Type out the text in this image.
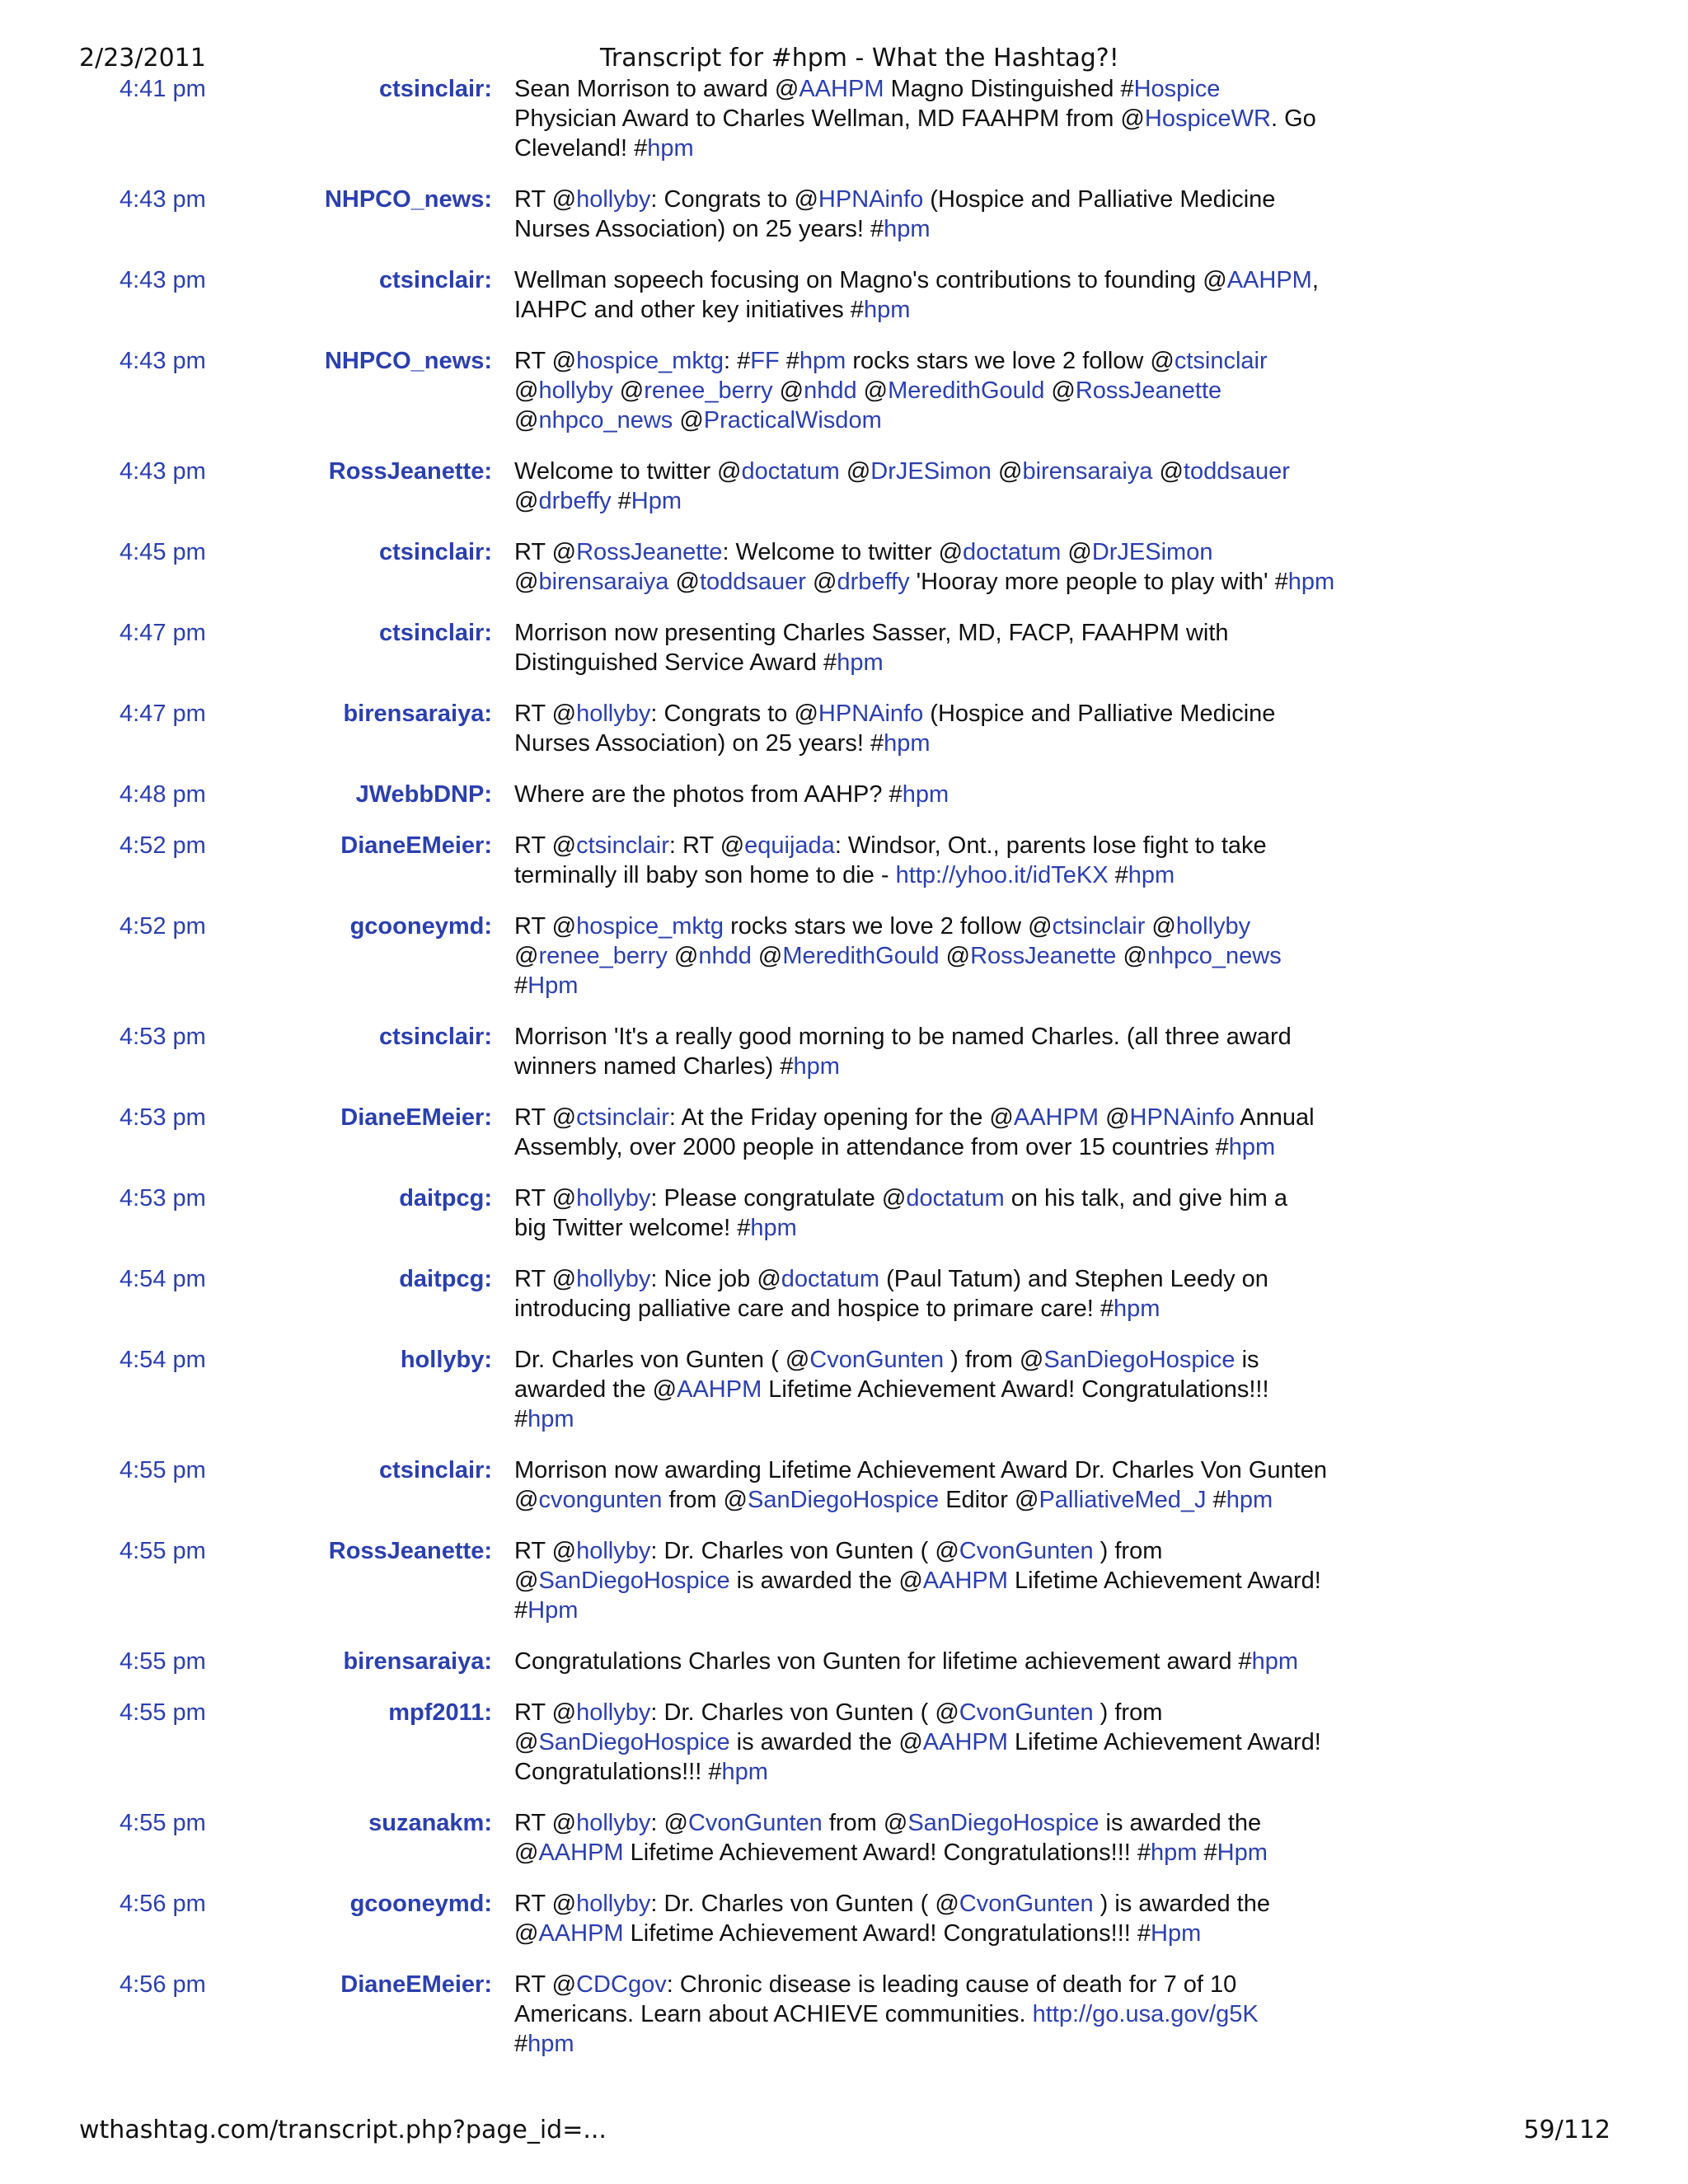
2/23/2011	Transcript for #hpm - What the Hashtag?!
4:41 pm	ctsinclair: Sean Morrison to award @AAHPM Magno Distinguished #Hospice
Physician Award to Charles Wellman, MD FAAHPM from @HospiceWR. Go
Cleveland! #hpm
4:43 pm	NHPCO_news: RT @hollyby: Congrats to @HPNAinfo (Hospice and Palliative Medicine
Nurses Association) on 25 years! #hpm
4:43 pm	ctsinclair: Wellman sopeech focusing on Magno's contributions to founding @AAHPM,
IAHPC and other key initiatives #hpm
4:43 pm	NHPCO_news: RT @hospice_mktg: #FF #hpm rocks stars we love 2 follow @ctsinclair
@hollyby @renee_berry @nhdd @MeredithGould @RossJeanette
@nhpco_news @PracticalWisdom
4:43 pm	RossJeanette: Welcome to twitter @doctatum @DrJESimon @birensaraiya @toddsauer
@drbeffy #Hpm
4:45 pm	ctsinclair: RT @RossJeanette: Welcome to twitter @doctatum @DrJESimon
@birensaraiya @toddsauer @drbeffy 'Hooray more people to play with' #hpm
4:47 pm	ctsinclair: Morrison now presenting Charles Sasser, MD, FACP, FAAHPM with
Distinguished Service Award #hpm
4:47 pm	birensaraiya: RT @hollyby: Congrats to @HPNAinfo (Hospice and Palliative Medicine
Nurses Association) on 25 years! #hpm
4:48 pm	JWebbDNP: Where are the photos from AAHP? #hpm
4:52 pm	DianeEMeier: RT @ctsinclair: RT @equijada: Windsor, Ont., parents lose fight to take
terminally ill baby son home to die - http://yhoo.it/idTeKX #hpm
4:52 pm	gcooneymd: RT @hospice_mktg rocks stars we love 2 follow @ctsinclair @hollyby
@renee_berry @nhdd @MeredithGould @RossJeanette @nhpco_news
#Hpm
4:53 pm	ctsinclair: Morrison 'It's a really good morning to be named Charles. (all three award
winners named Charles) #hpm
4:53 pm	DianeEMeier: RT @ctsinclair: At the Friday opening for the @AAHPM @HPNAinfo Annual
Assembly, over 2000 people in attendance from over 15 countries #hpm
4:53 pm	daitpcg: RT @hollyby: Please congratulate @doctatum on his talk, and give him a
big Twitter welcome! #hpm
4:54 pm	daitpcg: RT @hollyby: Nice job @doctatum (Paul Tatum) and Stephen Leedy on
introducing palliative care and hospice to primare care! #hpm
4:54 pm	hollyby: Dr. Charles von Gunten ( @CvonGunten ) from @SanDiegoHospice is
awarded the @AAHPM Lifetime Achievement Award! Congratulations!!!
#hpm
4:55 pm	ctsinclair: Morrison now awarding Lifetime Achievement Award Dr. Charles Von Gunten
@cvongunten from @SanDiegoHospice Editor @PalliativeMed_J #hpm
4:55 pm	RossJeanette: RT @hollyby: Dr. Charles von Gunten ( @CvonGunten ) from
@SanDiegoHospice is awarded the @AAHPM Lifetime Achievement Award!
#Hpm
4:55 pm	birensaraiya: Congratulations Charles von Gunten for lifetime achievement award #hpm
4:55 pm	mpf2011: RT @hollyby: Dr. Charles von Gunten ( @CvonGunten ) from
@SanDiegoHospice is awarded the @AAHPM Lifetime Achievement Award!
Congratulations!!! #hpm
4:55 pm	suzanakm: RT @hollyby: @CvonGunten from @SanDiegoHospice is awarded the
@AAHPM Lifetime Achievement Award! Congratulations!!! #hpm #Hpm
4:56 pm	gcooneymd: RT @hollyby: Dr. Charles von Gunten ( @CvonGunten ) is awarded the
@AAHPM Lifetime Achievement Award! Congratulations!!! #Hpm
4:56 pm	DianeEMeier: RT @CDCgov: Chronic disease is leading cause of death for 7 of 10
Americans. Learn about ACHIEVE communities. http://go.usa.gov/g5K
#hpm
wthashtag.com/transcript.php?page_id=...	59/112
